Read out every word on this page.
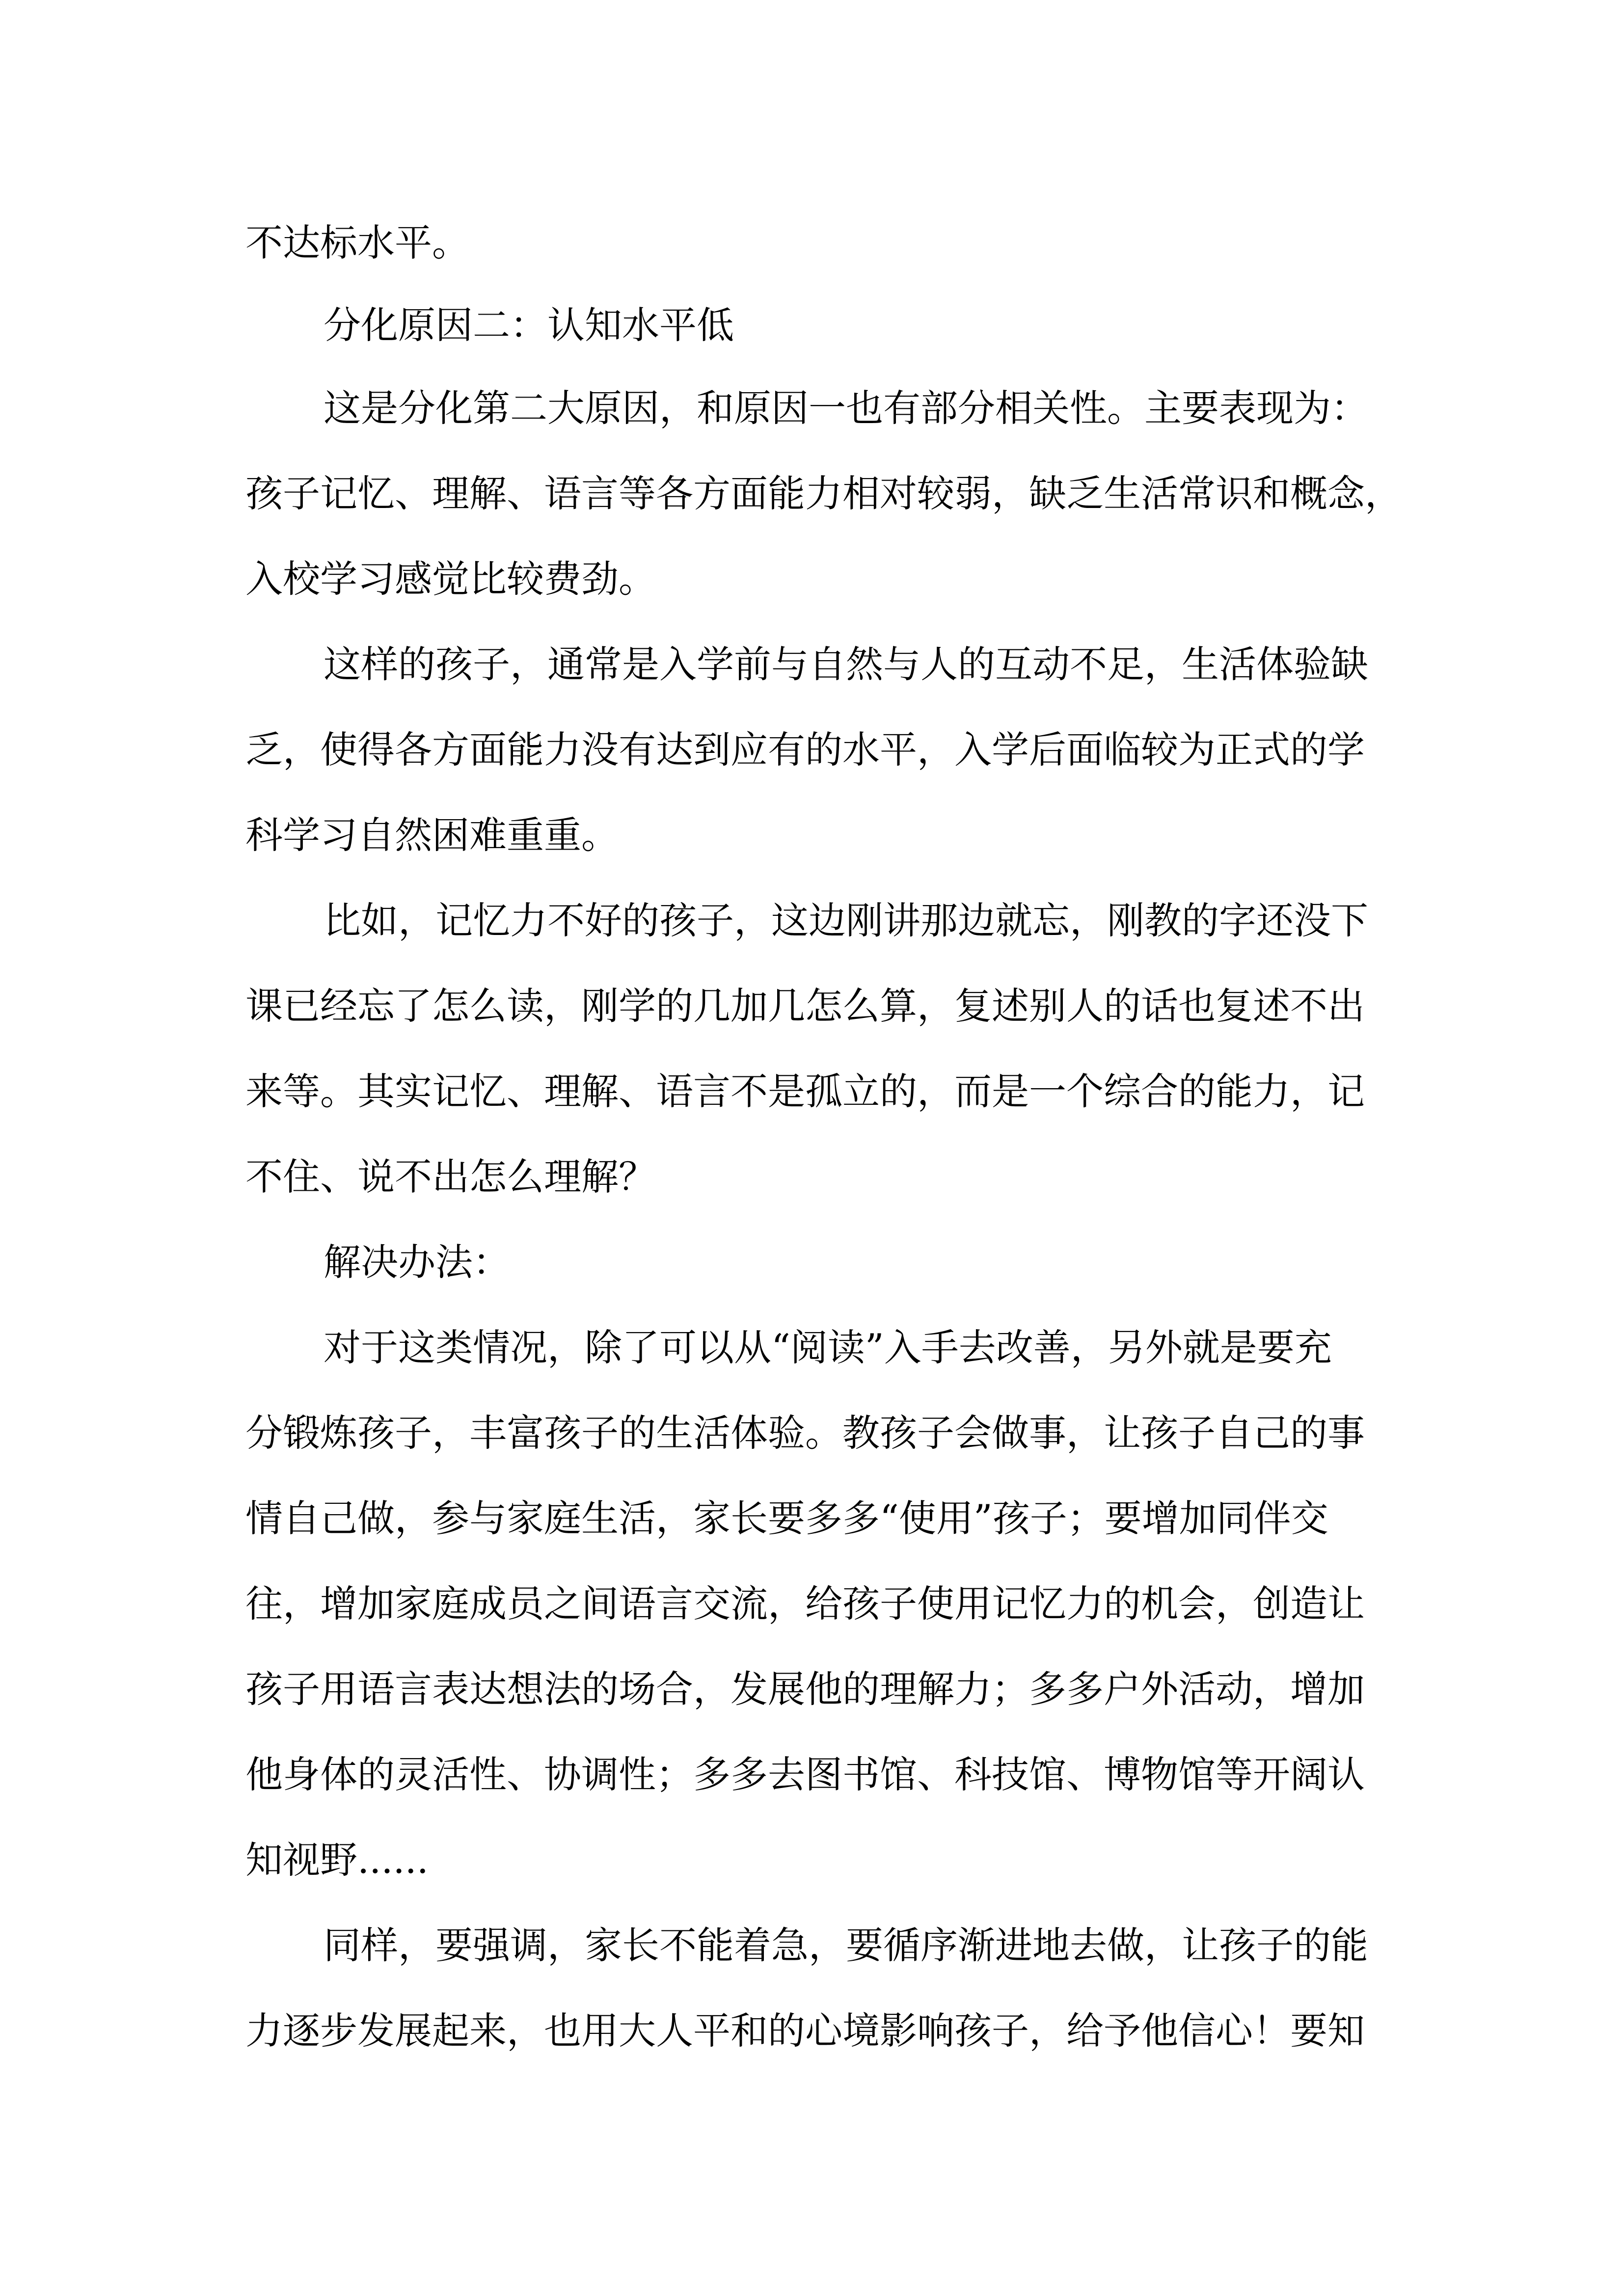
不达标水平。

分化原因二：认知水平低

这是分化第二大原因，和原因一也有部分相关性。主要表现为：

孩子记忆、理解、语言等各方面能力相对较弱，缺乏生活常识和概念，

入校学习感觉比较费劲。

这样的孩子，通常是入学前与自然与人的互动不足，生活体验缺

乏，使得各方面能力没有达到应有的水平，入学后面临较为正式的学

科学习自然困难重重。

比如，记忆力不好的孩子，这边刚讲那边就忘，刚教的字还没下

课已经忘了怎么读，刚学的几加几怎么算，复述别人的话也复述不出

来等。其实记忆、理解、语言不是孤立的，而是一个综合的能力，记

不住、说不出怎么理解？

解决办法：

对于这类情况，除了可以从“阅读”入手去改善，另外就是要充

分锻炼孩子，丰富孩子的生活体验。教孩子会做事，让孩子自己的事

情自己做，参与家庭生活，家长要多多“使用”孩子；要增加同伴交

往，增加家庭成员之间语言交流，给孩子使用记忆力的机会，创造让

孩子用语言表达想法的场合，发展他的理解力；多多户外活动，增加

他身体的灵活性、协调性；多多去图书馆、科技馆、博物馆等开阔认

知视野......

同样，要强调，家长不能着急，要循序渐进地去做，让孩子的能

力逐步发展起来，也用大人平和的心境影响孩子，给予他信心！要知
